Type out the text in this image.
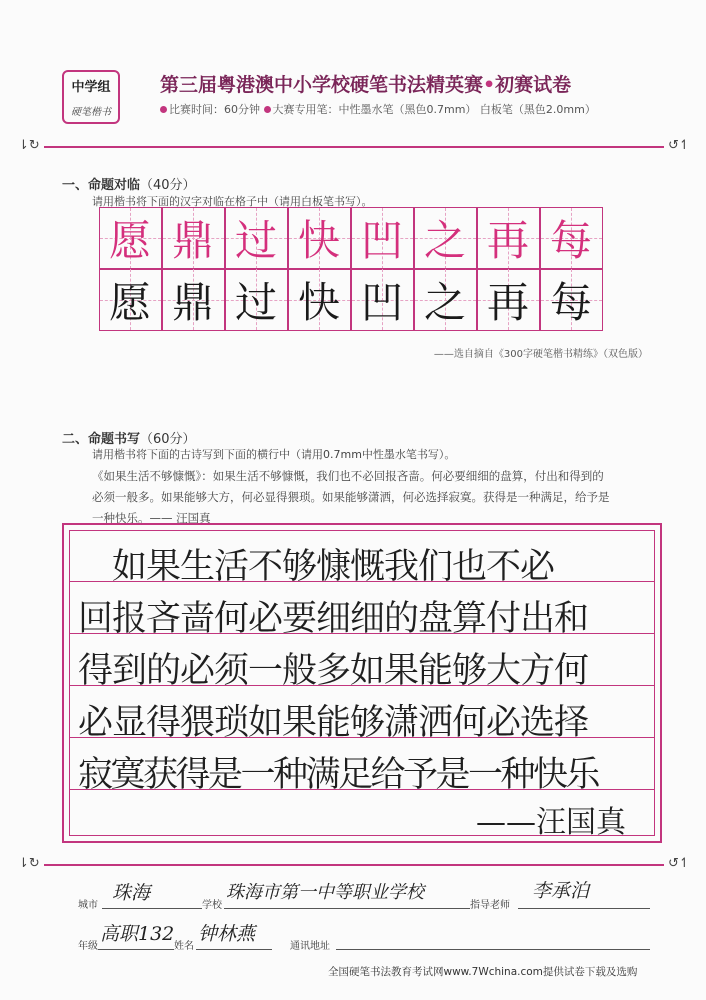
中学组
硬笔楷书
第三届粤港澳中小学校硬笔书法精英赛•初赛试卷
比赛时间：60分钟 大赛专用笔：中性墨水笔（黑色0.7mm） 白板笔（黑色2.0mm）
⇂↻	↺↿
一、命题对临（40分）
请用楷书将下面的汉字对临在格子中（请用白板笔书写）。
愿 鼎 过 快 凹 之 再 每
愿 鼎 过 快 凹 之 再 每
——选自摘自《300字硬笔楷书精练》（双色版）
二、命题书写（60分）
请用楷书将下面的古诗写到下面的横行中（请用0.7mm中性墨水笔书写）。
《如果生活不够慷慨》：如果生活不够慷慨，我们也不必回报吝啬。何必要细细的盘算，付出和得到的
必须一般多。如果能够大方，何必显得猥琐。如果能够潇洒，何必选择寂寞。获得是一种满足，给予是
一种快乐。—— 汪国真
　如果生活不够慷慨我们也不必
回报吝啬何必要细细的盘算付出和
得到的必须一般多如果能够大方何
必显得猥琐如果能够潇洒何必选择
寂寞获得是一种满足给予是一种快乐
——汪国真
⇂↻	↺↿
城市
珠海
学校
珠海市第一中等职业学校
指导老师
李承泊
年级
高职132
姓名
钟林燕
通讯地址
全国硬笔书法教育考试网www.7Wchina.com提供试卷下载及选购
